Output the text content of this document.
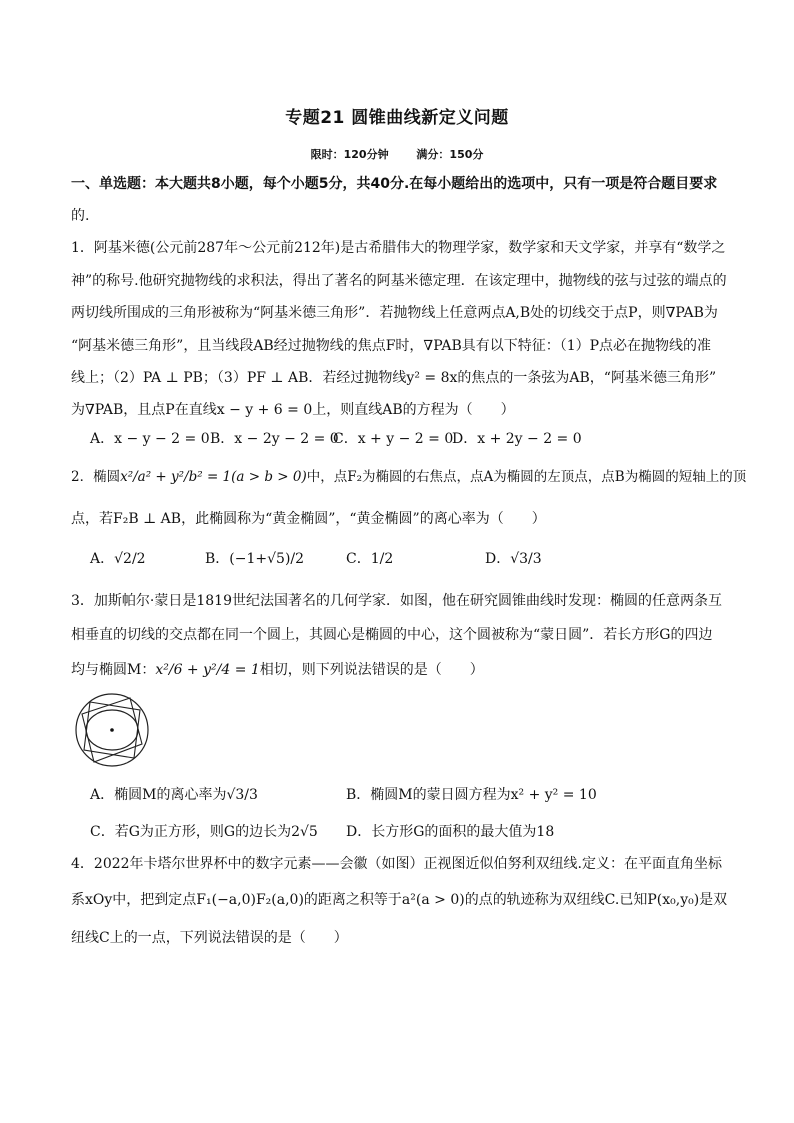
专题21 圆锥曲线新定义问题
限时：120分钟	满分：150分
一、单选题：本大题共8小题，每个小题5分，共40分.在每小题给出的选项中，只有一项是符合题目要求
的.
1．阿基米德(公元前287年～公元前212年)是古希腊伟大的物理学家，数学家和天文学家，并享有“数学之
神”的称号.他研究抛物线的求积法，得出了著名的阿基米德定理．在该定理中，抛物线的弦与过弦的端点的
两切线所围成的三角形被称为“阿基米德三角形”．若抛物线上任意两点A,B处的切线交于点P，则∇PAB为
“阿基米德三角形”，且当线段AB经过抛物线的焦点F时，∇PAB具有以下特征：（1）P点必在抛物线的准
线上；（2）PA ⊥ PB；（3）PF ⊥ AB．若经过抛物线y² = 8x的焦点的一条弦为AB，“阿基米德三角形”
为∇PAB，且点P在直线x − y + 6 = 0上，则直线AB的方程为（　　）
A．x − y − 2 = 0 B．x − 2y − 2 = 0
C．x + y − 2 = 0
D．x + 2y − 2 = 0
2．椭圆x²/a² + y²/b² = 1(a > b > 0)中，点F₂为椭圆的右焦点，点A为椭圆的左顶点，点B为椭圆的短轴上的顶
点，若F₂B ⊥ AB，此椭圆称为“黄金椭圆”，“黄金椭圆”的离心率为（　　）
A．√2/2	B．(−1+√5)/2	C．1/2	D．√3/3
3．加斯帕尔·蒙日是1819世纪法国著名的几何学家．如图，他在研究圆锥曲线时发现：椭圆的任意两条互
相垂直的切线的交点都在同一个圆上，其圆心是椭圆的中心，这个圆被称为“蒙日圆”．若长方形G的四边
均与椭圆M：x²/6 + y²/4 = 1相切，则下列说法错误的是（　　）
A．椭圆M的离心率为√3/3	B．椭圆M的蒙日圆方程为x² + y² = 10
C．若G为正方形，则G的边长为2√5 D．长方形G的面积的最大值为18
4．2022年卡塔尔世界杯中的数字元素——会徽（如图）正视图近似伯努利双纽线.定义：在平面直角坐标
系xOy中，把到定点F₁(−a,0)F₂(a,0)的距离之积等于a²(a > 0)的点的轨迹称为双纽线C.已知P(x₀,y₀)是双
纽线C上的一点，下列说法错误的是（　　）
